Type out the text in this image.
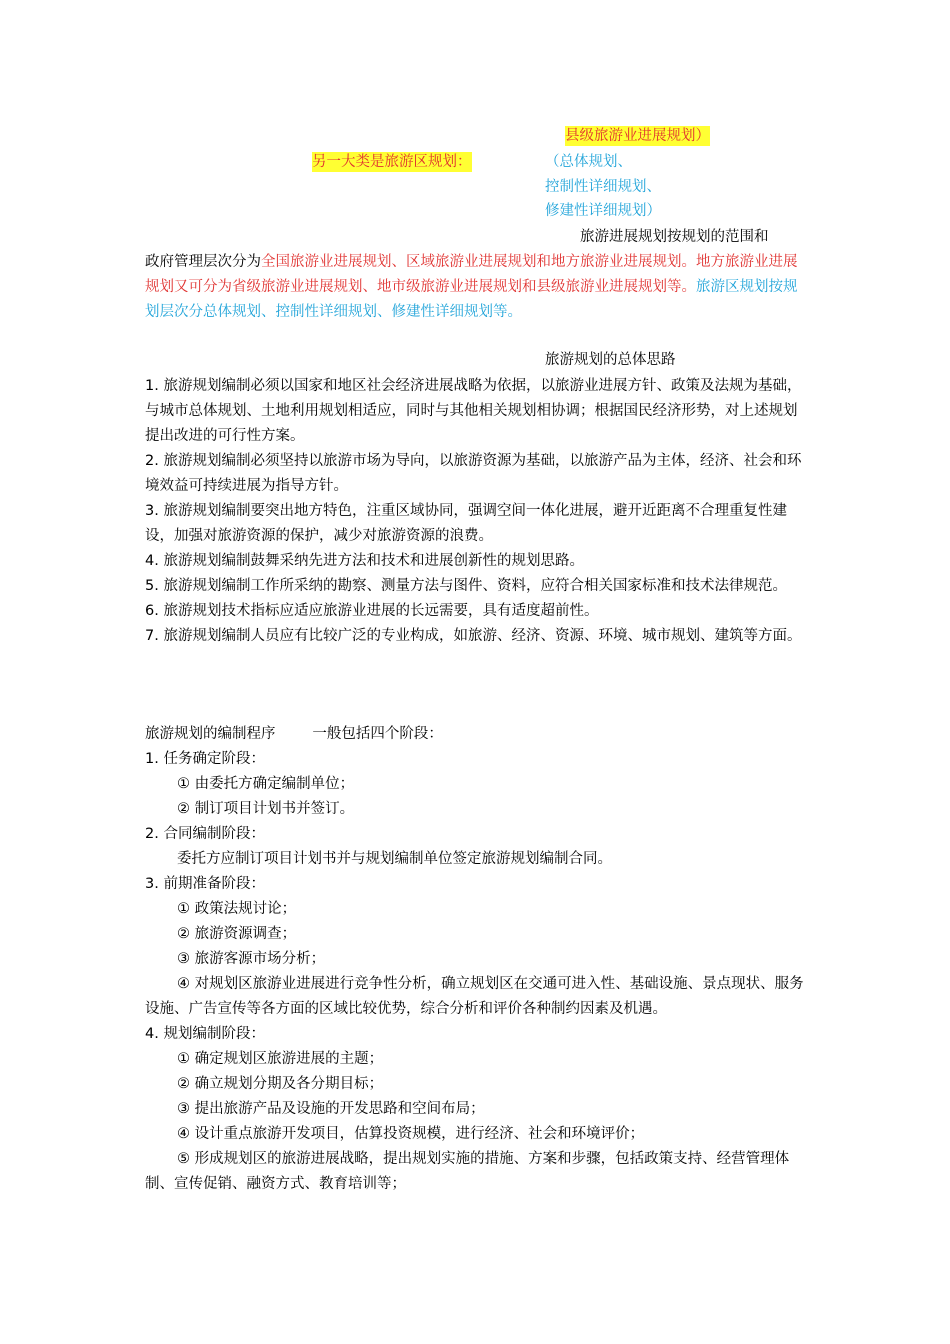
县级旅游业进展规划）
另一大类是旅游区规划：	（总体规划、
控制性详细规划、
修建性详细规划）
旅游进展规划按规划的范围和

政府管理层次分为全国旅游业进展规划、区域旅游业进展规划和地方旅游业进展规划。地方旅游业进展规划又可分为省级旅游业进展规划、地市级旅游业进展规划和县级旅游业进展规划等。旅游区规划按规划层次分总体规划、控制性详细规划、修建性详细规划等。

旅游规划的总体思路

1. 旅游规划编制必须以国家和地区社会经济进展战略为依据，以旅游业进展方针、政策及法规为基础，与城市总体规划、土地利用规划相适应，同时与其他相关规划相协调；根据国民经济形势，对上述规划提出改进的可行性方案。

2. 旅游规划编制必须坚持以旅游市场为导向，以旅游资源为基础，以旅游产品为主体，经济、社会和环境效益可持续进展为指导方针。

3. 旅游规划编制要突出地方特色，注重区域协同，强调空间一体化进展，避开近距离不合理重复性建设，加强对旅游资源的保护，减少对旅游资源的浪费。

4. 旅游规划编制鼓舞采纳先进方法和技术和进展创新性的规划思路。

5. 旅游规划编制工作所采纳的勘察、测量方法与图件、资料，应符合相关国家标准和技术法律规范。

6. 旅游规划技术指标应适应旅游业进展的长远需要，具有适度超前性。

7. 旅游规划编制人员应有比较广泛的专业构成，如旅游、经济、资源、环境、城市规划、建筑等方面。

旅游规划的编制程序        一般包括四个阶段：

1. 任务确定阶段：

① 由委托方确定编制单位；

② 制订项目计划书并签订。

2. 合同编制阶段：

委托方应制订项目计划书并与规划编制单位签定旅游规划编制合同。

3. 前期准备阶段：

① 政策法规讨论；

② 旅游资源调查；

③ 旅游客源市场分析；

④ 对规划区旅游业进展进行竞争性分析，确立规划区在交通可进入性、基础设施、景点现状、服务设施、广告宣传等各方面的区域比较优势，综合分析和评价各种制约因素及机遇。

4. 规划编制阶段：

① 确定规划区旅游进展的主题；

② 确立规划分期及各分期目标；

③ 提出旅游产品及设施的开发思路和空间布局；

④ 设计重点旅游开发项目，估算投资规模，进行经济、社会和环境评价；

⑤ 形成规划区的旅游进展战略，提出规划实施的措施、方案和步骤，包括政策支持、经营管理体制、宣传促销、融资方式、教育培训等；
